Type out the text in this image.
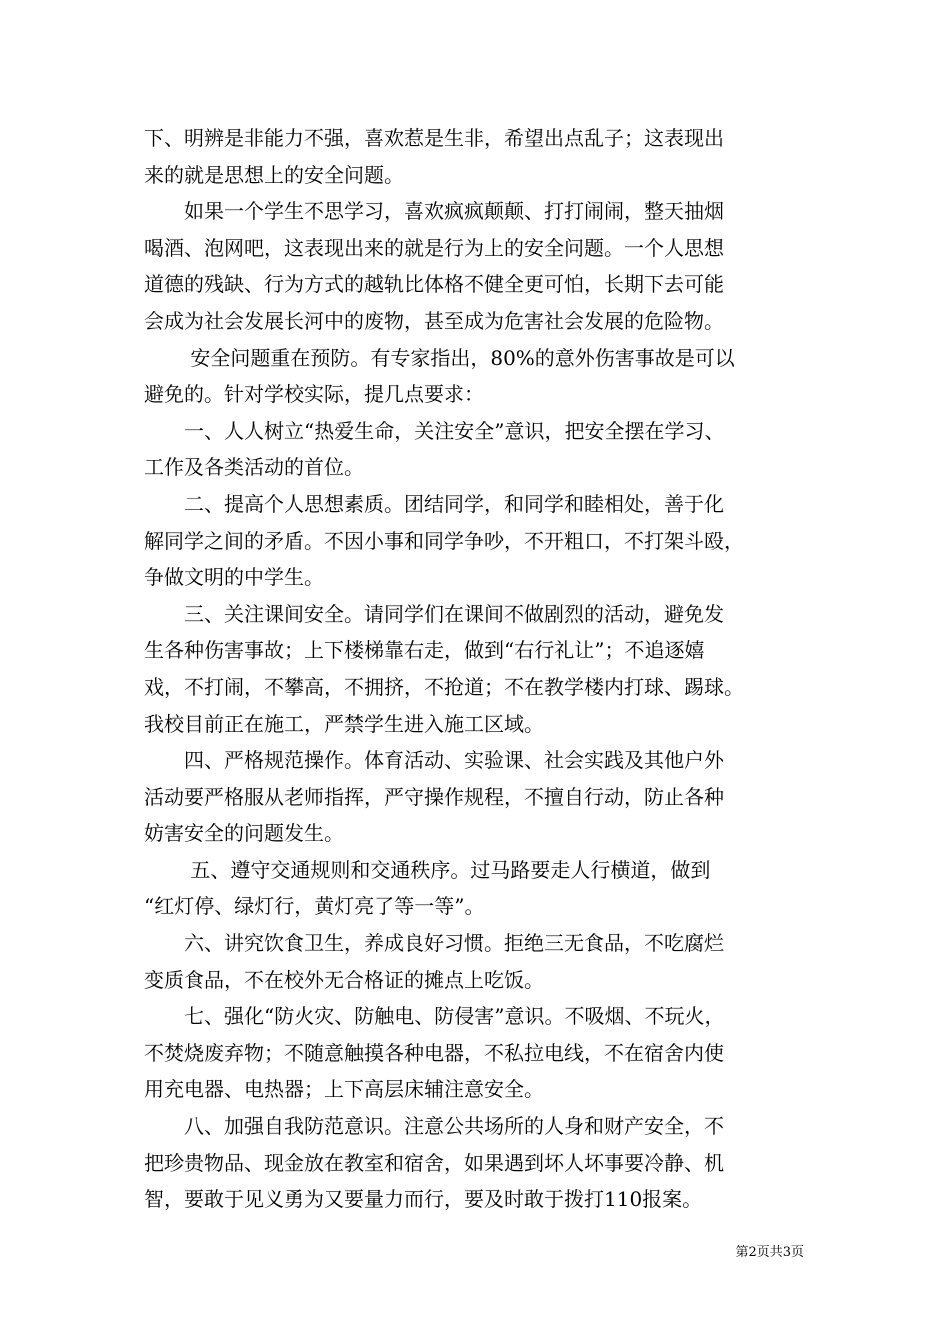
下、明辨是非能力不强，喜欢惹是生非，希望出点乱子；这表现出
来的就是思想上的安全问题。
　　如果一个学生不思学习，喜欢疯疯颠颠、打打闹闹，整天抽烟
喝酒、泡网吧，这表现出来的就是行为上的安全问题。一个人思想
道德的残缺、行为方式的越轨比体格不健全更可怕，长期下去可能
会成为社会发展长河中的废物，甚至成为危害社会发展的危险物。
　　 安全问题重在预防。有专家指出，80%的意外伤害事故是可以
避免的。针对学校实际，提几点要求：
　　一、人人树立“热爱生命，关注安全”意识，把安全摆在学习、
工作及各类活动的首位。
　　二、提高个人思想素质。团结同学，和同学和睦相处，善于化
解同学之间的矛盾。不因小事和同学争吵，不开粗口，不打架斗殴，
争做文明的中学生。
　　三、关注课间安全。请同学们在课间不做剧烈的活动，避免发
生各种伤害事故；上下楼梯靠右走，做到“右行礼让”；不追逐嬉
戏，不打闹，不攀高，不拥挤，不抢道；不在教学楼内打球、踢球。
我校目前正在施工，严禁学生进入施工区域。
　　四、严格规范操作。体育活动、实验课、社会实践及其他户外
活动要严格服从老师指挥，严守操作规程，不擅自行动，防止各种
妨害安全的问题发生。
　　 五、遵守交通规则和交通秩序。过马路要走人行横道，做到
“红灯停、绿灯行，黄灯亮了等一等”。
　　六、讲究饮食卫生，养成良好习惯。拒绝三无食品，不吃腐烂
变质食品，不在校外无合格证的摊点上吃饭。
　　七、强化“防火灾、防触电、防侵害”意识。不吸烟、不玩火，
不焚烧废弃物；不随意触摸各种电器，不私拉电线，不在宿舍内使
用充电器、电热器；上下高层床辅注意安全。
　　八、加强自我防范意识。注意公共场所的人身和财产安全，不
把珍贵物品、现金放在教室和宿舍，如果遇到坏人坏事要冷静、机
智，要敢于见义勇为又要量力而行，要及时敢于拨打110报案。
第2页共3页
